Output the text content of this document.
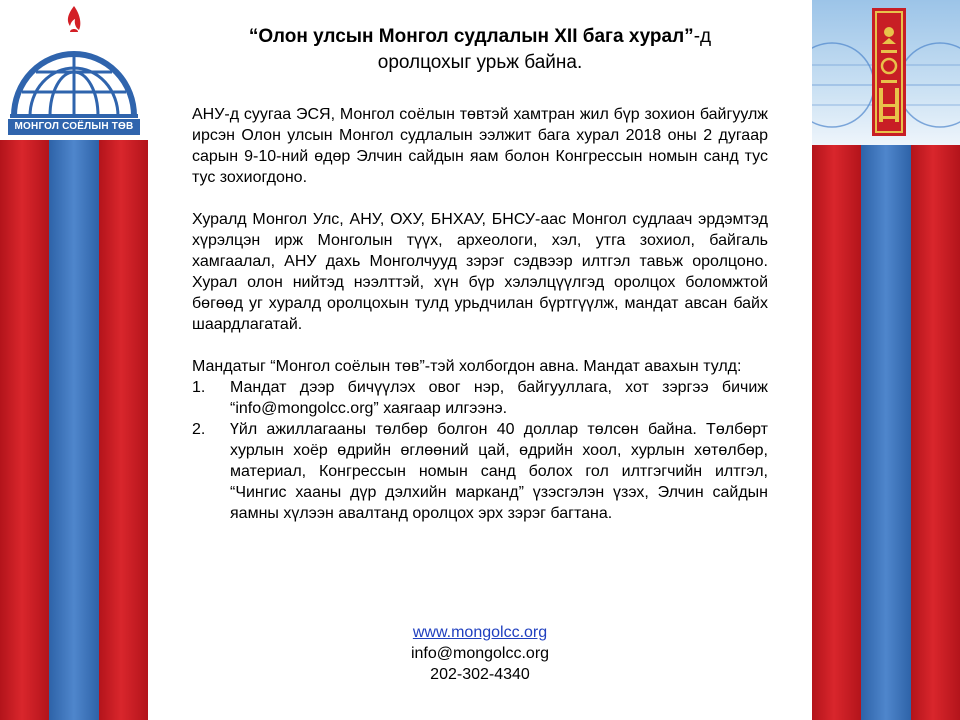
МОНГОЛ СОЁЛЫН ТӨВ
“Олон улсын Монгол судлалын XII бага хурал”-д
оролцохыг урьж байна.

АНУ-д суугаа ЭСЯ, Монгол соёлын төвтэй хамтран жил бүр зохион байгуулж ирсэн Олон улсын Монгол судлалын ээлжит бага хурал 2018 оны 2 дугаар сарын 9-10-ний өдөр Элчин сайдын яам болон Конгрессын номын санд тус тус зохиогдоно.

Хуралд Монгол Улс, АНУ, ОХУ, БНХАУ, БНСУ-аас Монгол судлаач эрдэмтэд хүрэлцэн ирж Монголын түүх, археологи, хэл, утга зохиол, байгаль хамгаалал, АНУ дахь Монголчууд зэрэг сэдвээр илтгэл тавьж оролцоно. Хурал олон нийтэд нээлттэй, хүн бүр хэлэлцүүлгэд оролцох боломжтой бөгөөд уг хуралд оролцохын тулд урьдчилан бүртгүүлж, мандат авсан байх шаардлагатай.

Мандатыг “Монгол соёлын төв”-тэй холбогдон авна. Мандат авахын тулд:

1.	Мандат дээр бичүүлэх овог нэр, байгууллага, хот зэргээ бичиж “info@mongolcc.org” хаягаар илгээнэ.
2.	Үйл ажиллагааны төлбөр болгон 40 доллар төлсөн байна. Төлбөрт хурлын хоёр өдрийн өглөөний цай, өдрийн хоол, хурлын хөтөлбөр, материал, Конгрессын номын санд болох гол илтгэгчийн илтгэл, “Чингис хааны дүр дэлхийн марканд” үзэсгэлэн үзэх, Элчин сайдын яамны хүлээн авалтанд оролцох эрх зэрэг багтана.
www.mongolcc.org
info@mongolcc.org
202-302-4340
